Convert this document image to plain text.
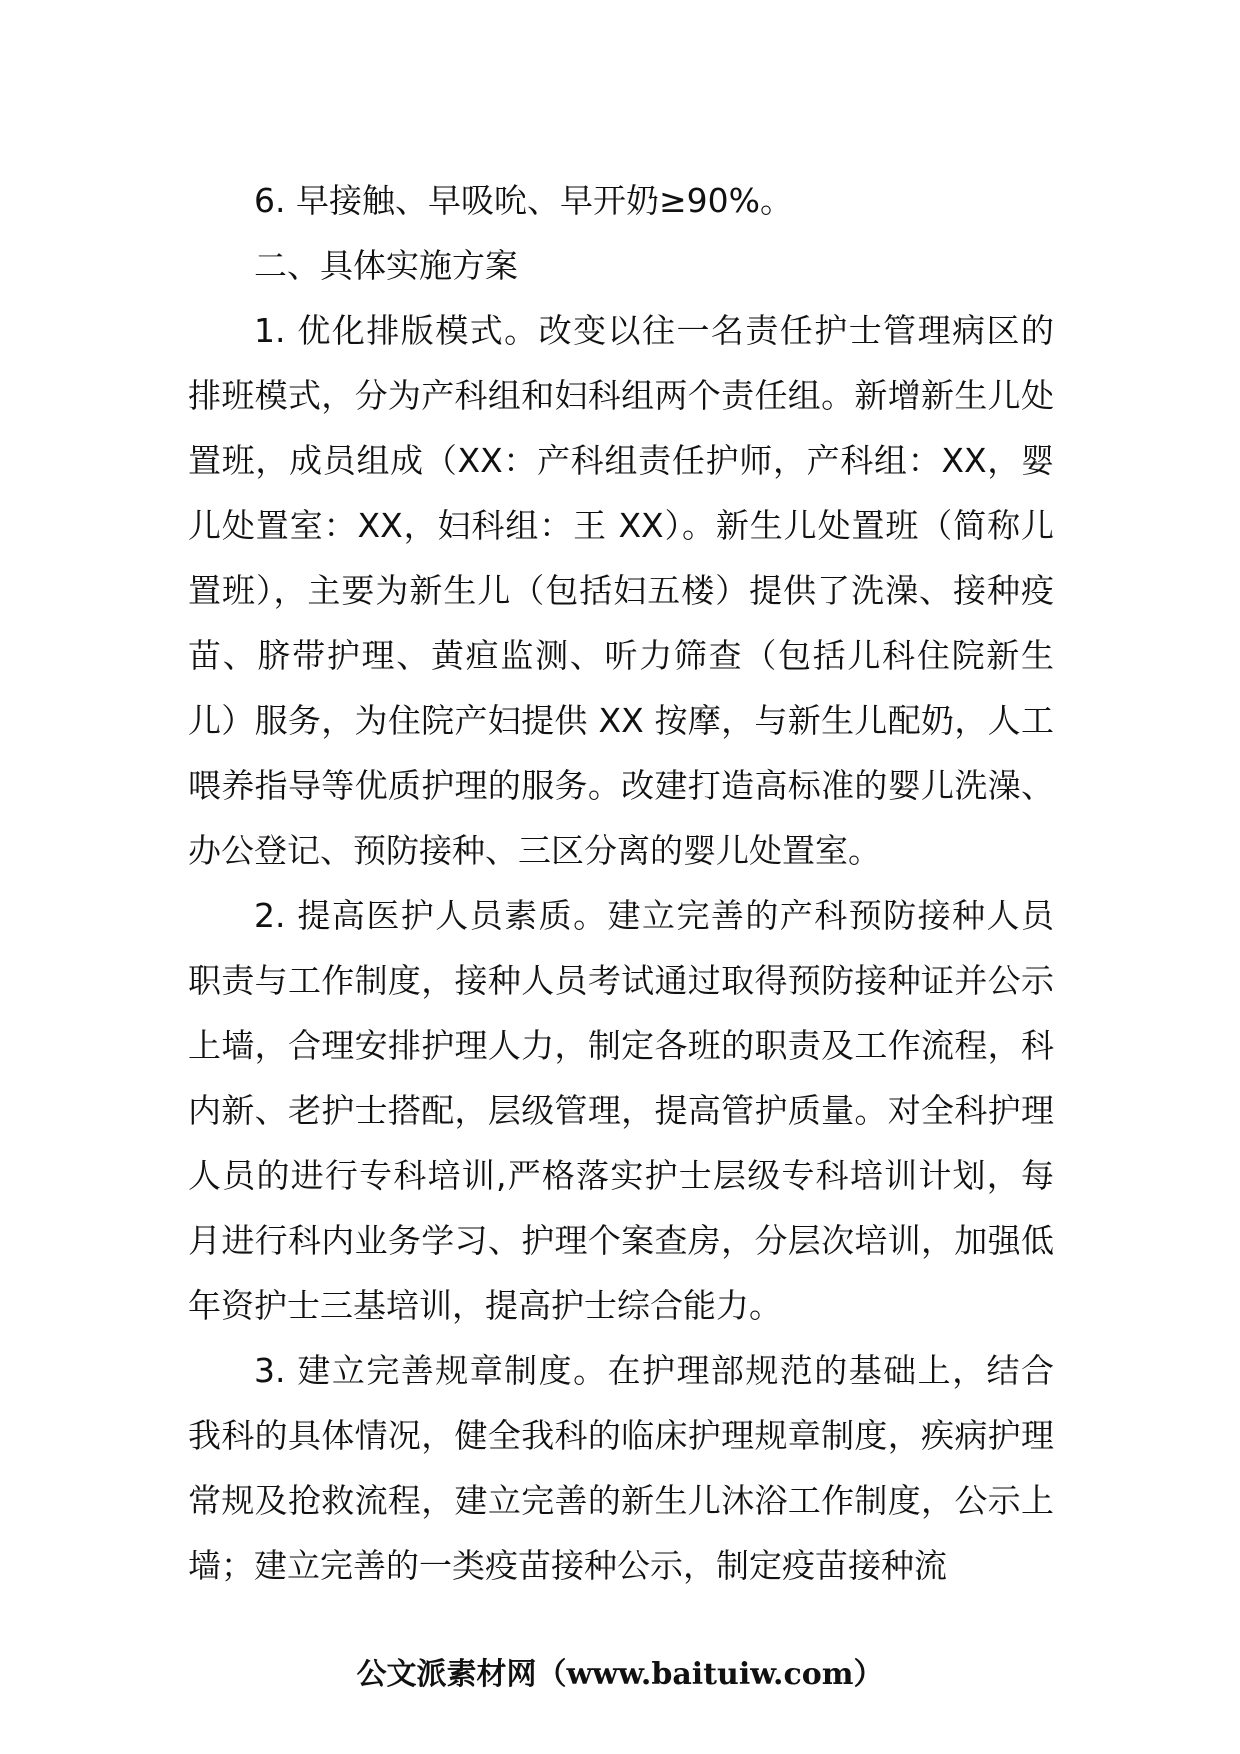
6. 早接触、早吸吮、早开奶≥90%。

二、具体实施方案

1. 优化排版模式。改变以往一名责任护士管理病区的排班模式，分为产科组和妇科组两个责任组。新增新生儿处置班，成员组成（XX：产科组责任护师，产科组：XX，婴儿处置室：XX，妇科组：王 XX）。新生儿处置班（简称儿置班），主要为新生儿（包括妇五楼）提供了洗澡、接种疫苗、脐带护理、黄疸监测、听力筛查（包括儿科住院新生儿）服务，为住院产妇提供 XX 按摩，与新生儿配奶，人工喂养指导等优质护理的服务。改建打造高标准的婴儿洗澡、办公登记、预防接种、三区分离的婴儿处置室。

2. 提高医护人员素质。建立完善的产科预防接种人员职责与工作制度，接种人员考试通过取得预防接种证并公示上墙，合理安排护理人力，制定各班的职责及工作流程，科内新、老护士搭配，层级管理，提高管护质量。对全科护理人员的进行专科培训,严格落实护士层级专科培训计划，每月进行科内业务学习、护理个案查房，分层次培训，加强低年资护士三基培训，提高护士综合能力。

3. 建立完善规章制度。在护理部规范的基础上，结合我科的具体情况，健全我科的临床护理规章制度，疾病护理常规及抢救流程，建立完善的新生儿沐浴工作制度，公示上墙；建立完善的一类疫苗接种公示，制定疫苗接种流

公文派素材网（www.baituiw.com）
